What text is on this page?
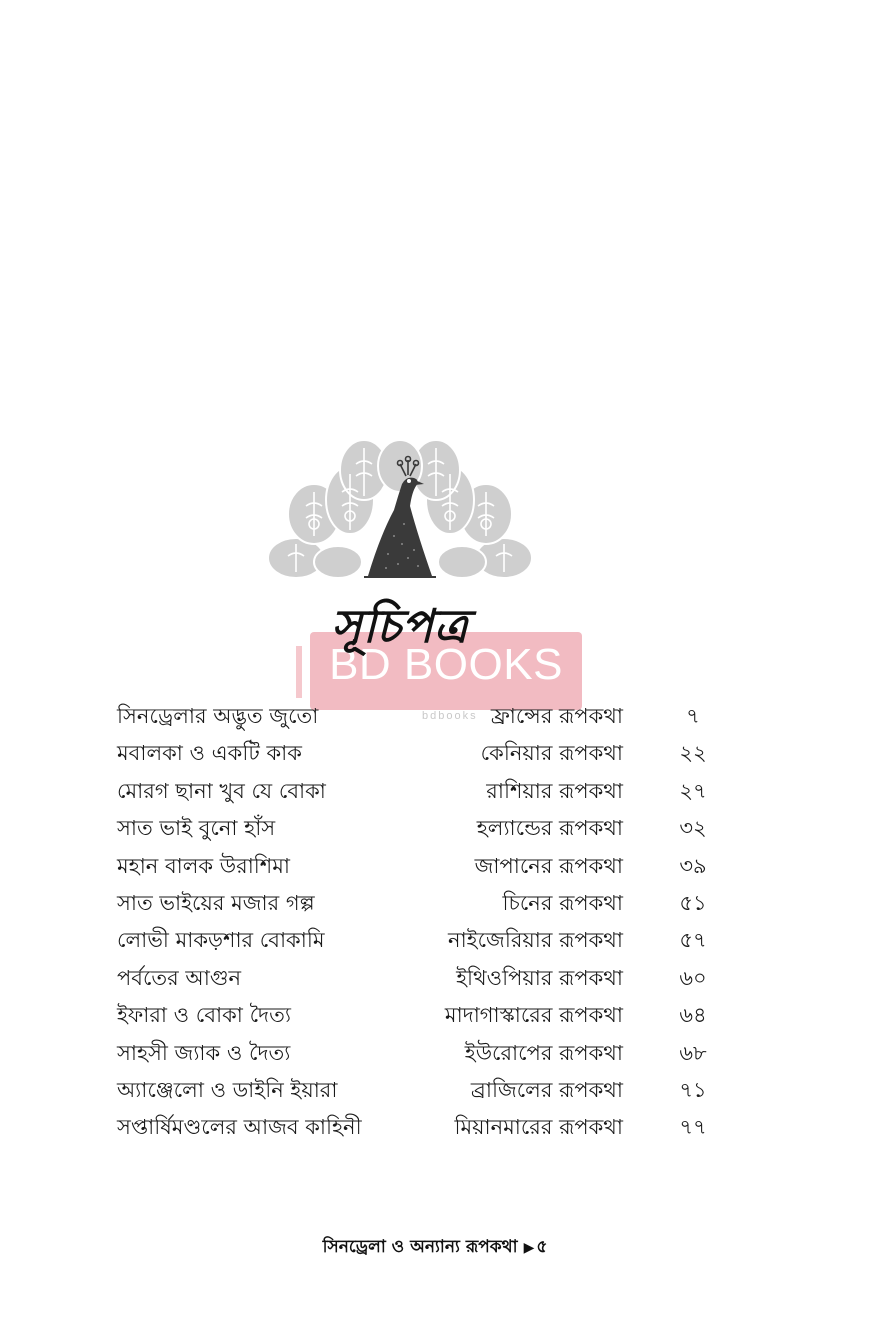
BD BOOKS
bdbooks
সূচিপত্র
সিনড্রেলার অদ্ভুত জুতো	ফ্রান্সের রূপকথা	৭
মবালকা ও একটি কাক	কেনিয়ার রূপকথা	২২
মোরগ ছানা খুব যে বোকা	রাশিয়ার রূপকথা	২৭
সাত ভাই বুনো হাঁস	হল্যান্ডের রূপকথা	৩২
মহান বালক উরাশিমা	জাপানের রূপকথা	৩৯
সাত ভাইয়ের মজার গল্প	চিনের রূপকথা	৫১
লোভী মাকড়শার বোকামি	নাইজেরিয়ার রূপকথা	৫৭
পর্বতের আগুন	ইথিওপিয়ার রূপকথা	৬০
ইফারা ও বোকা দৈত্য	মাদাগাস্কারের রূপকথা	৬৪
সাহসী জ্যাক ও দৈত্য	ইউরোপের রূপকথা	৬৮
অ্যাঞ্জেলো ও ডাইনি ইয়ারা	ব্রাজিলের রূপকথা	৭১
সপ্তার্ষিমণ্ডলের আজব কাহিনী	মিয়ানমারের রূপকথা	৭৭
সিনড্রেলা ও অন্যান্য রূপকথা ▶ ৫
